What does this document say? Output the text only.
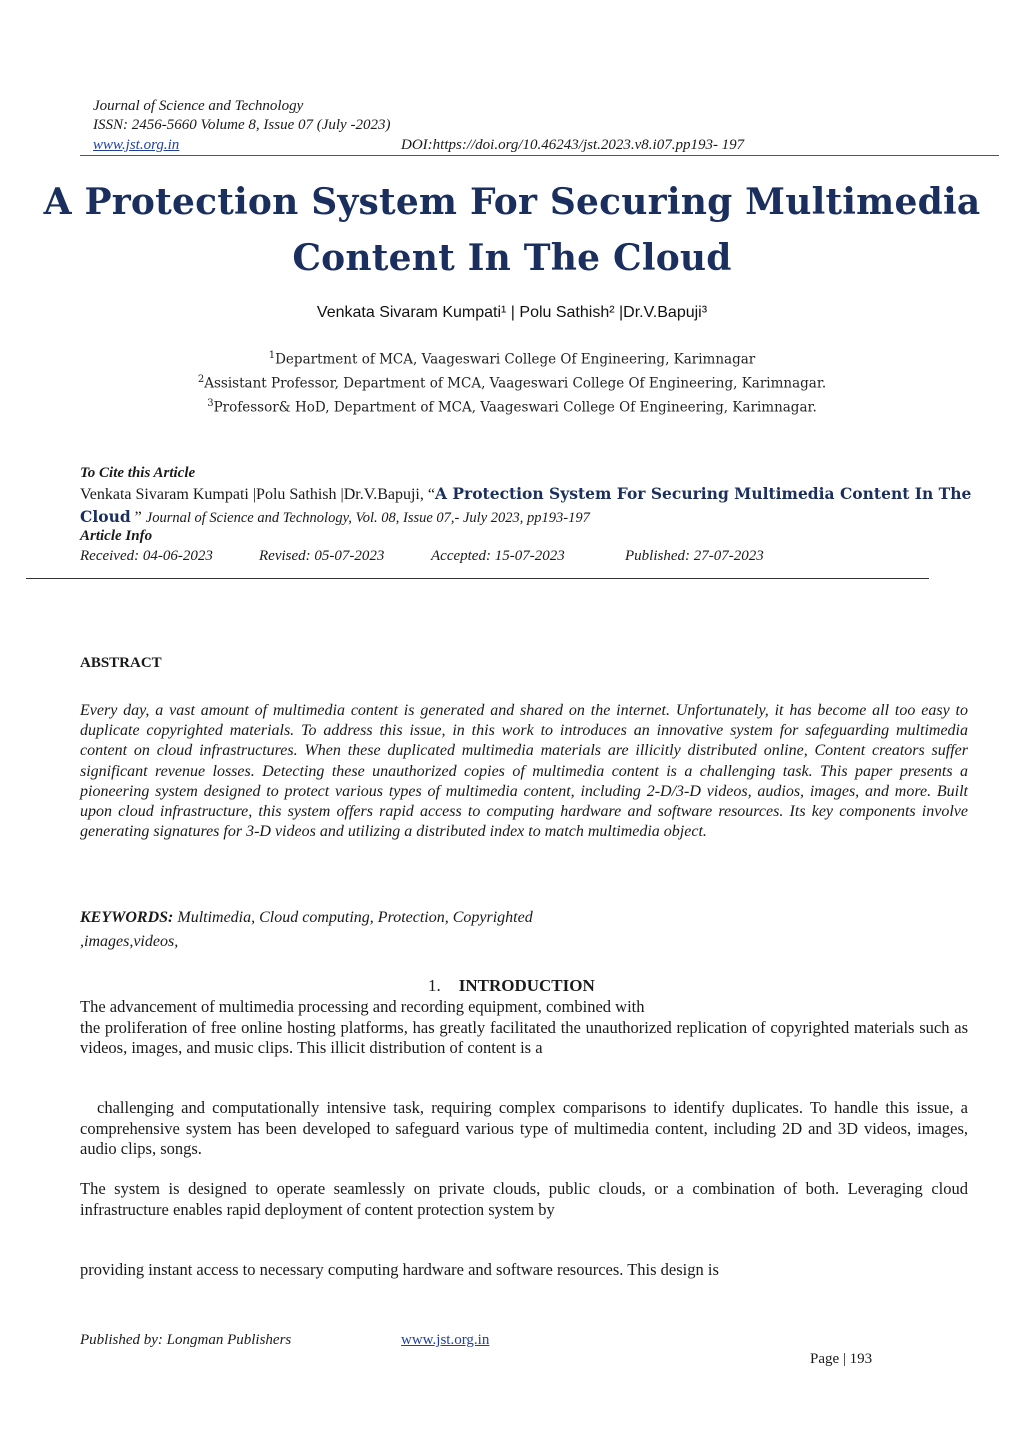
Journal of Science and Technology
ISSN: 2456-5660 Volume 8, Issue 07 (July -2023)
www.jst.org.in	DOI:https://doi.org/10.46243/jst.2023.v8.i07.pp193- 197
A Protection System For Securing Multimedia
Content In The Cloud
Venkata Sivaram Kumpati¹ | Polu Sathish² |Dr.V.Bapuji³
$^1$Department of MCA, Vaageswari College Of Engineering, Karimnagar
$^2$Assistant Professor, Department of MCA, Vaageswari College Of Engineering, Karimnagar.
$^3$Professor& HoD, Department of MCA, Vaageswari College Of Engineering, Karimnagar.
To Cite this Article
Venkata Sivaram Kumpati |Polu Sathish |Dr.V.Bapuji, “A Protection System For Securing Multimedia Content In The Cloud ” Journal of Science and Technology, Vol. 08, Issue 07,- July 2023, pp193-197
Article Info
Received: 04-06-2023	Revised: 05-07-2023	Accepted: 15-07-2023	Published: 27-07-2023
ABSTRACT
Every day, a vast amount of multimedia content is generated and shared on the internet. Unfortunately, it has become all too easy to duplicate copyrighted materials. To address this issue, in this work to introduces an innovative system for safeguarding multimedia content on cloud infrastructures. When these duplicated multimedia materials are illicitly distributed online, Content creators suffer significant revenue losses. Detecting these unauthorized copies of multimedia content is a challenging task. This paper presents a pioneering system designed to protect various types of multimedia content, including 2-D/3-D videos, audios, images, and more. Built upon cloud infrastructure, this system offers rapid access to computing hardware and software resources. Its key components involve generating signatures for 3-D videos and utilizing a distributed index to match multimedia object.
KEYWORDS: Multimedia, Cloud computing, Protection, Copyrighted
,images,videos,
1. INTRODUCTION
The advancement of multimedia processing and recording equipment, combined with
the proliferation of free online hosting platforms, has greatly facilitated the unauthorized replication of copyrighted materials such as videos, images, and music clips. This illicit distribution of content is a
challenging and computationally intensive task, requiring complex comparisons to identify duplicates. To handle this issue, a comprehensive system has been developed to safeguard various type of multimedia content, including 2D and 3D videos, images, audio clips, songs.
The system is designed to operate seamlessly on private clouds, public clouds, or a combination of both. Leveraging cloud infrastructure enables rapid deployment of content protection system by
providing instant access to necessary computing hardware and software resources. This design is
Published by: Longman Publishers	www.jst.org.in
Page | 193
